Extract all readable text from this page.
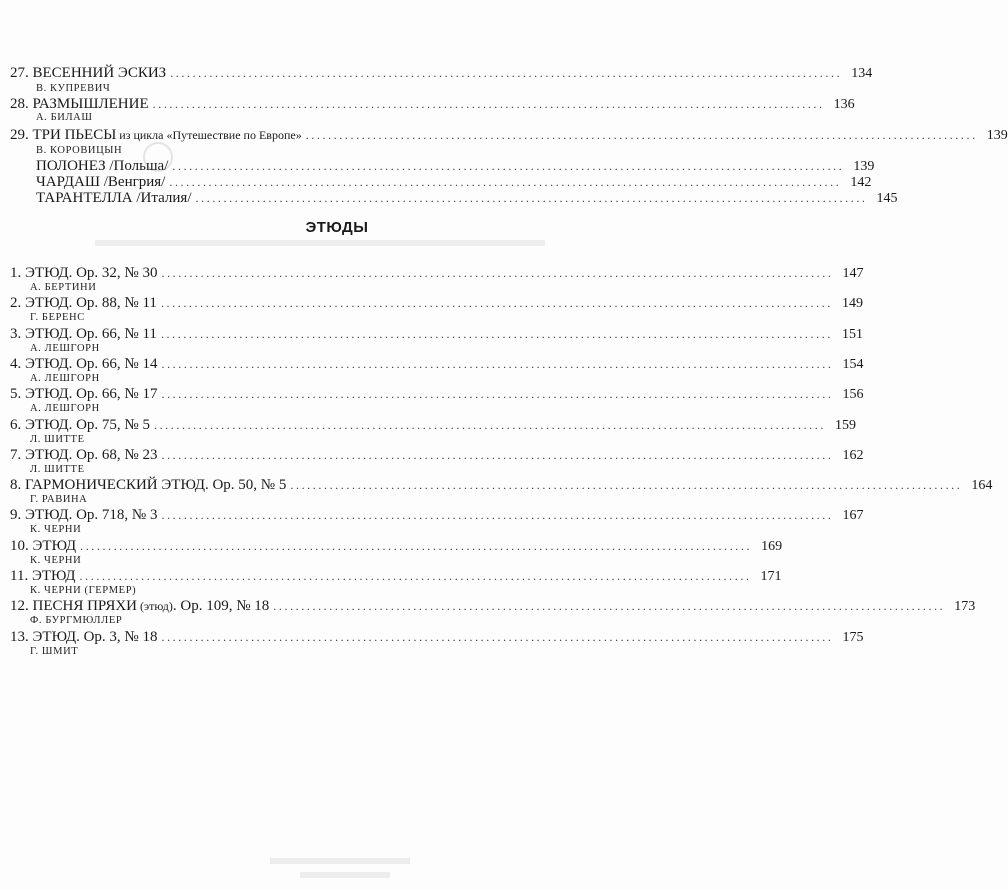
27. ВЕСЕННИЙ ЭСКИЗ ........................................................................................................................ 134
В. КУПРЕВИЧ
28. РАЗМЫШЛЕНИЕ ........................................................................................................................ 136
А. БИЛАШ
29. ТРИ ПЬЕСЫ из цикла «Путешествие по Европе» ........................................................................................................................ 139
В. КОРОВИЦЫН
ПОЛОНЕЗ /Польша/ ........................................................................................................................ 139
ЧАРДАШ /Венгрия/ ........................................................................................................................ 142
ТАРАНТЕЛЛА /Италия/ ........................................................................................................................ 145
ЭТЮДЫ
1. ЭТЮД. Ор. 32, № 30 ........................................................................................................................ 147
А. БЕРТИНИ
2. ЭТЮД. Ор. 88, № 11 ........................................................................................................................ 149
Г. БЕРЕНС
3. ЭТЮД. Ор. 66, № 11 ........................................................................................................................ 151
А. ЛЕШГОРН
4. ЭТЮД. Ор. 66, № 14 ........................................................................................................................ 154
А. ЛЕШГОРН
5. ЭТЮД. Ор. 66, № 17 ........................................................................................................................ 156
А. ЛЕШГОРН
6. ЭТЮД. Ор. 75, № 5 ........................................................................................................................ 159
Л. ШИТТЕ
7. ЭТЮД. Ор. 68, № 23 ........................................................................................................................ 162
Л. ШИТТЕ
8. ГАРМОНИЧЕСКИЙ ЭТЮД. Ор. 50, № 5 ........................................................................................................................ 164
Г. РАВИНА
9. ЭТЮД. Ор. 718, № 3 ........................................................................................................................ 167
К. ЧЕРНИ
10. ЭТЮД ........................................................................................................................ 169
К. ЧЕРНИ
11. ЭТЮД ........................................................................................................................ 171
К. ЧЕРНИ (ГЕРМЕР)
12. ПЕСНЯ ПРЯХИ (этюд). Ор. 109, № 18 ........................................................................................................................ 173
Ф. БУРГМЮЛЛЕР
13. ЭТЮД. Ор. 3, № 18 ........................................................................................................................ 175
Г. ШМИТ
